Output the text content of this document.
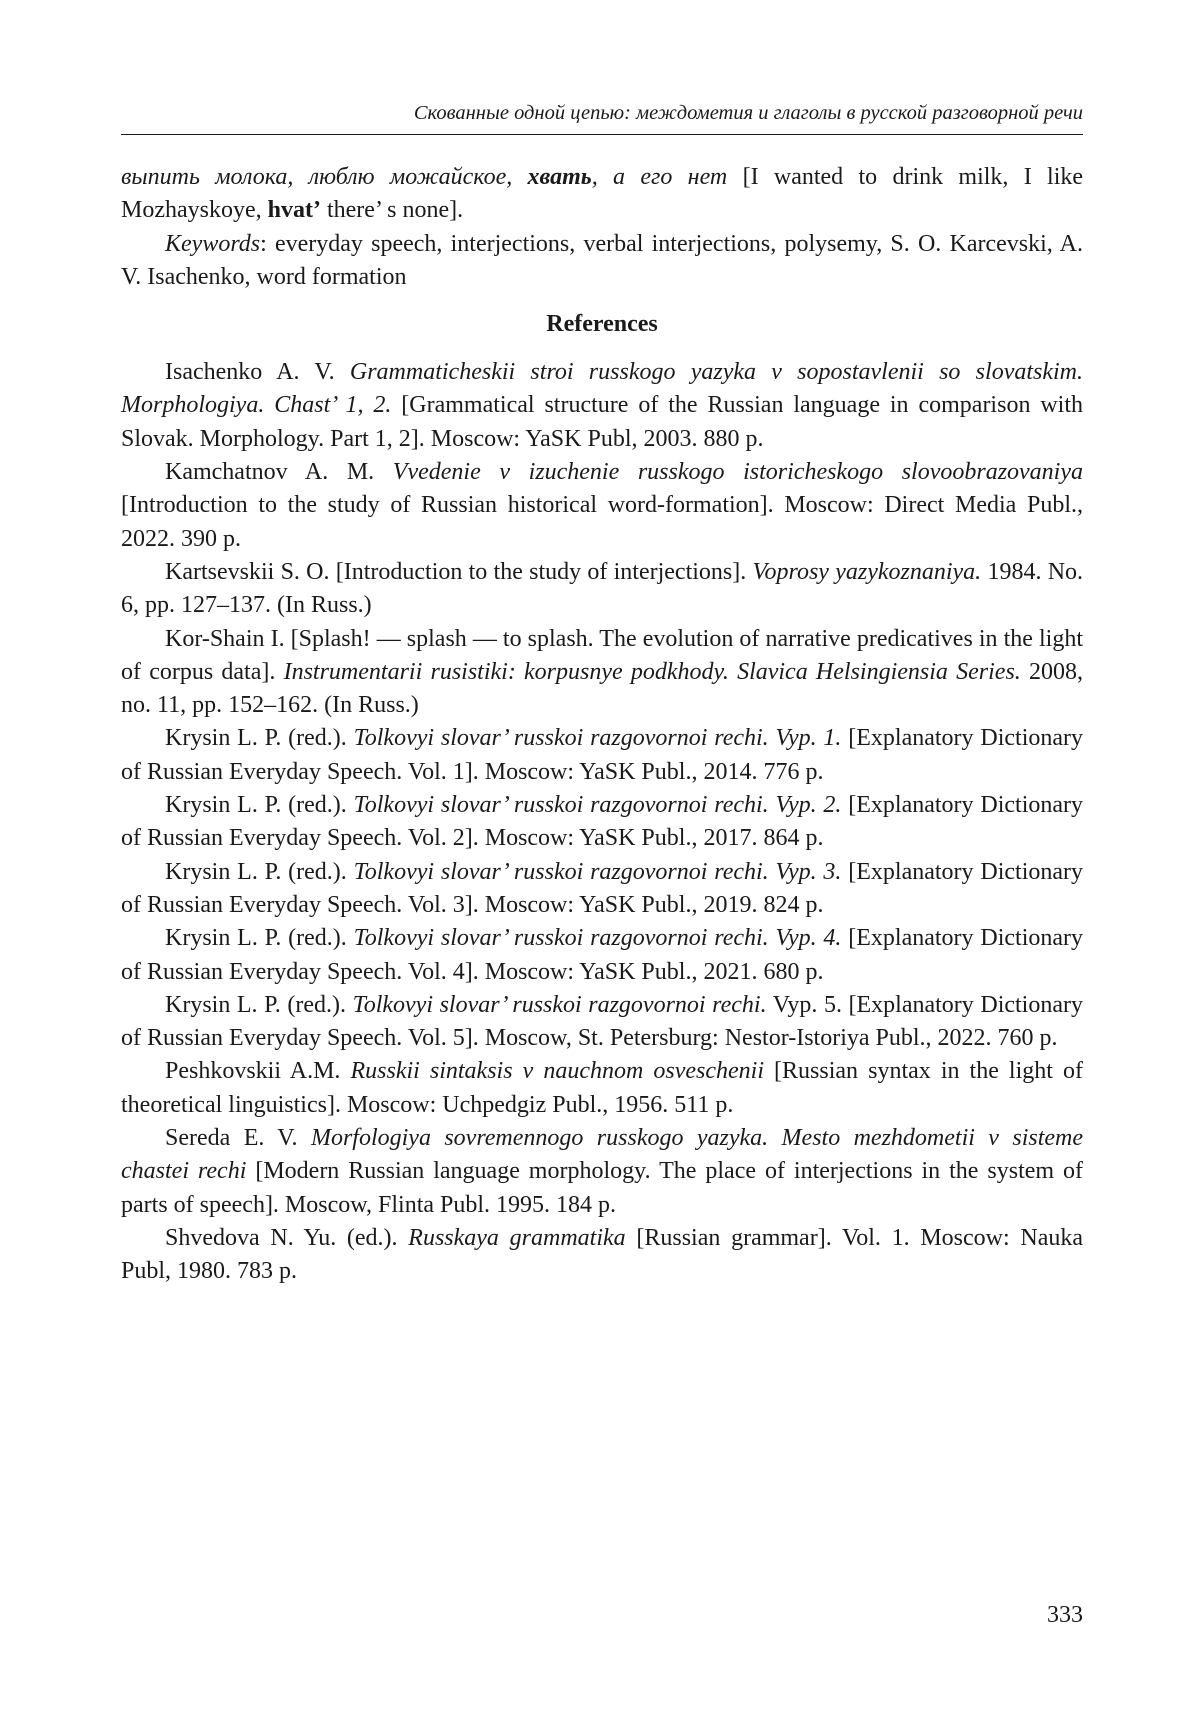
Скованные одной цепью: междометия и глаголы в русской разговорной речи

выпить молока, люблю можайское, хвать, а его нет [I wanted to drink milk, I like Mozhayskoye, hvat’ there’ s none].

Keywords: everyday speech, interjections, verbal interjections, polysemy, S. O. Karcevski, A. V. Isachenko, word formation

References

Isachenko A. V. Grammaticheskii stroi russkogo yazyka v sopostavlenii so slovatskim. Morphologiya. Chast’ 1, 2. [Grammatical structure of the Russian language in comparison with Slovak. Morphology. Part 1, 2]. Moscow: YaSK Publ, 2003. 880 p.

Kamchatnov A. M. Vvedenie v izuchenie russkogo istoricheskogo slovoobrazovaniya [Introduction to the study of Russian historical word-formation]. Moscow: Direct Media Publ., 2022. 390 p.

Kartsevskii S. O. [Introduction to the study of interjections]. Voprosy yazykoznaniya. 1984. No. 6, pp. 127–137. (In Russ.)

Kor-Shain I. [Splash! — splash — to splash. The evolution of narrative predicatives in the light of corpus data]. Instrumentarii rusistiki: korpusnye podkhody. Slavica Helsingiensia Series. 2008, no. 11, pp. 152–162. (In Russ.)

Krysin L. P. (red.). Tolkovyi slovar’ russkoi razgovornoi rechi. Vyp. 1. [Explanatory Dictionary of Russian Everyday Speech. Vol. 1]. Moscow: YaSK Publ., 2014. 776 p.

Krysin L. P. (red.). Tolkovyi slovar’ russkoi razgovornoi rechi. Vyp. 2. [Explanatory Dictionary of Russian Everyday Speech. Vol. 2]. Moscow: YaSK Publ., 2017. 864 p.

Krysin L. P. (red.). Tolkovyi slovar’ russkoi razgovornoi rechi. Vyp. 3. [Explanatory Dictionary of Russian Everyday Speech. Vol. 3]. Moscow: YaSK Publ., 2019. 824 p.

Krysin L. P. (red.). Tolkovyi slovar’ russkoi razgovornoi rechi. Vyp. 4. [Explanatory Dictionary of Russian Everyday Speech. Vol. 4]. Moscow: YaSK Publ., 2021. 680 p.

Krysin L. P. (red.). Tolkovyi slovar’ russkoi razgovornoi rechi. Vyp. 5. [Explanatory Dictionary of Russian Everyday Speech. Vol. 5]. Moscow, St. Petersburg: Nestor-Istoriya Publ., 2022. 760 p.

Peshkovskii A.M. Russkii sintaksis v nauchnom osveschenii [Russian syntax in the light of theoretical linguistics]. Moscow: Uchpedgiz Publ., 1956. 511 p.

Sereda E. V. Morfologiya sovremennogo russkogo yazyka. Mesto mezhdometii v sisteme chastei rechi [Modern Russian language morphology. The place of interjections in the system of parts of speech]. Moscow, Flinta Publ. 1995. 184 p.

Shvedova N. Yu. (ed.). Russkaya grammatika [Russian grammar]. Vol. 1. Moscow: Nauka Publ, 1980. 783 p.

333
